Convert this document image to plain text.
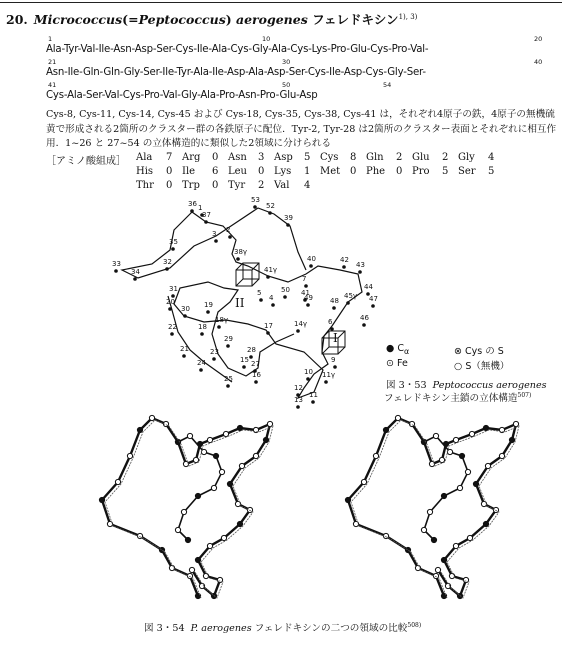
20. Micrococcus(=Peptococcus) aerogenes フェレドキシン$^{1), 3)}$
Ala-Tyr-Val-Ile-Asn-Asp-Ser-Cys-Ile-Ala-Cys-Gly-Ala-Cys-Lys-Pro-Glu-Cys-Pro-Val-
Asn-Ile-Gln-Gln-Gly-Ser-Ile-Tyr-Ala-Ile-Asp-Ala-Asp-Ser-Cys-Ile-Asp-Cys-Gly-Ser-
Cys-Ala-Ser-Val-Cys-Pro-Val-Gly-Ala-Pro-Asn-Pro-Glu-Asp
1	10	20
21	30	40
41	50	54
Cys-8, Cys-11, Cys-14, Cys-45 および Cys-18, Cys-35, Cys-38, Cys-41 は，それぞれ4原子の鉄，4原子の無機硫黄で形成される2箇所のクラスター群の各鉄原子に配位．Tyr-2, Tyr-28 は2箇所のクラスター表面とそれぞれに相互作用．1~26 と 27~54 の立体構造的に類似した2領域に分けられる
［アミノ酸組成］ Ala 7 Arg 0 Asn 3 Asp 5 Cys 8 Gln 2 Glu 2 Gly 4
His 0 Ile 6 Leu 0 Lys 1 Met 0 Phe 0 Pro 5 Ser 5
Thr 0 Trp 0 Tyr 2 Val 4
36
37
1
3 2
38γ
53
52
39
35
33
34
32
7
41γ
40	42
43
44
45γ 47
48
49
50
5
4
41
46
31
20	19
18γ
18
30
17	14γ	6
22
21
29
23	28
27
24
25
15
16	10
9
11γ
12
13
11
II
I
● $C_\alpha$	⊗ Cys の S
⊙ Fe	○ S（無機）
図 3・53 Peptococcus aerogenes
フェレドキシン主鎖の立体構造$^{507)}$
図 3・54 P. aerogenes フェレドキシンの二つの領域の比較$^{508)}$
